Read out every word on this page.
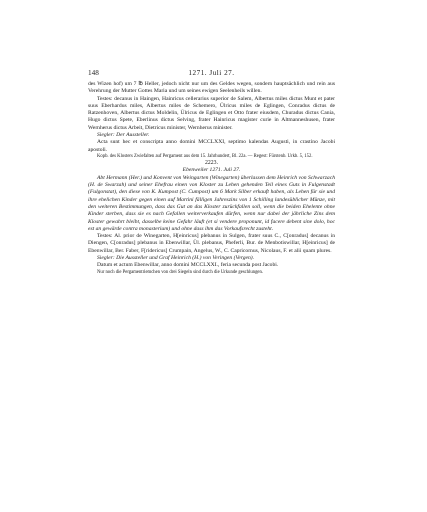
148	1271. Juli 27.

des Wizen hof) um 7 ℔ Heller, jedoch nicht nur um des Geldes wegen, sondern hauptsächlich und rein aus Verehrung der Mutter Gottes Maria und um seines ewigen Seelenheils willen.

Testes: decanus in Haingen, Hainricus cellerarius superior de Salem, Albertus miles dictus Munt et pater suus Eberhardus miles, Albertus miles de Schemero, Ülricus miles de Eglingen, Conradus dictus de Ratzenhoven, Albertus dictus Moldelin, Ülricus de Eglingen et Otto frater eiusdem, Churadus dictus Cania, Hugo dictus Spete, Eberlinus dictus Selving, frater Hainricus magister curie in Altmanneshusen, frater Wernherus dictus Arbeit, Dietricus minister, Wernherus minister.

Siegler: Der Aussteller.

Acta sunt hec et conscripta anno domini MCCLXXI, septimo kalendas Augusti, in crastino Jacobi apostoli.

Kopb. des Klosters Zwiefalten auf Pergament aus dem 15. Jahrhundert, Bl. 22a. — Regest: Fürstenb. Urkb. 5, 152.

2223.

Ebenweiler 1271. Juli 27.

Abt Hermann (Her.) und Konvent von Weingarten (Winegarten) überlassen dem Heinrich von Schwarzach (H. de Swarzah) und seiner Ehefrau einen von Kloster zu Lehen gehenden Teil eines Guts in Fulgenstadt (Fulgonstat), den diese von K. Kumpost (C. Cumpost) um 6 Mark Silber erkauft haben, als Lehen für sie und ihre ehelichen Kinder gegen einen auf Martini fälligen Jahreszins von 1 Schilling landesüblicher Münze, mit den weiteren Bestimmungen, dass das Gut an das Kloster zurückfallen soll, wenn die beiden Ehelente ohne Kinder sterben, dass sie es nach Gefallen weiterverkaufen dürfen, wenn nur dabei der jährliche Zins dem Kloster gewahrt bleibt, dasselbe keine Gefahr läuft (et si vendere proponunt, id facere debent sine dolo, hoc est an gewärde contra monasterium) und ohne dass ihm das Vorkaufsrecht zusteht.

Testes: Al. prior de Winegarten, H[einricus] plebanus in Sulgen, frater suus C., C[onradus] decanus in Diengen, C[onradus] plebanus in Ebenwillar, Ül. plebanus, Pheferli, Bur. de Menbotiswillar, H[einricus] de Ebenwillar, Ber. Faber, F[ridericus] Crumpain, Angelus, W., C. Capricornus, Nicolaus, F. et alii quam plures.

Siegler: Die Aussteller und Graf Heinrich (H.) von Veringen (Vergen).

Datum et actum Ebenwillar, anno domini MCCLXXI., feria secunda post Jacobi.

Nur noch die Pergamentriemchen von drei Siegeln sind durch die Urkunde geschlungen.
